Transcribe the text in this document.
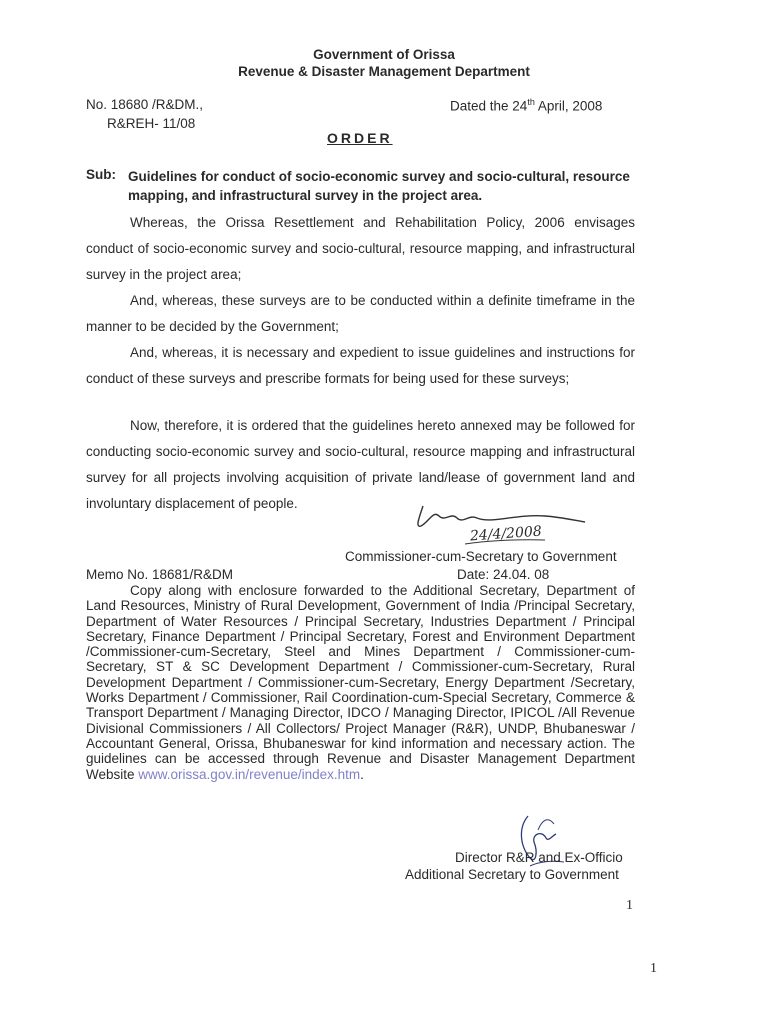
Government of Orissa
Revenue & Disaster Management Department
No. 18680 /R&DM.,
R&REH- 11/08
Dated the 24th April, 2008
ORDER
Sub: Guidelines for conduct of socio-economic survey and socio-cultural, resource mapping, and infrastructural survey in the project area.

Whereas, the Orissa Resettlement and Rehabilitation Policy, 2006 envisages conduct of socio-economic survey and socio-cultural, resource mapping, and infrastructural survey in the project area;

And, whereas, these surveys are to be conducted within a definite timeframe in the manner to be decided by the Government;

And, whereas, it is necessary and expedient to issue guidelines and instructions for conduct of these surveys and prescribe formats for being used for these surveys;

Now, therefore, it is ordered that the guidelines hereto annexed may be followed for conducting socio-economic survey and socio-cultural, resource mapping and infrastructural survey for all projects involving acquisition of private land/lease of government land and involuntary displacement of people.

24/4/2008
Commissioner-cum-Secretary to Government
Memo No. 18681/R&DM	Date: 24.04. 08

Copy along with enclosure forwarded to the Additional Secretary, Department of Land Resources, Ministry of Rural Development, Government of India /Principal Secretary, Department of Water Resources / Principal Secretary, Industries Department / Principal Secretary, Finance Department / Principal Secretary, Forest and Environment Department /Commissioner-cum-Secretary, Steel and Mines Department / Commissioner-cum-Secretary, ST & SC Development Department / Commissioner-cum-Secretary, Rural Development Department / Commissioner-cum-Secretary, Energy Department /Secretary, Works Department / Commissioner, Rail Coordination-cum-Special Secretary, Commerce & Transport Department / Managing Director, IDCO / Managing Director, IPICOL /All Revenue Divisional Commissioners / All Collectors/ Project Manager (R&R), UNDP, Bhubaneswar / Accountant General, Orissa, Bhubaneswar for kind information and necessary action. The guidelines can be accessed through Revenue and Disaster Management Department Website www.orissa.gov.in/revenue/index.htm.

Director R&R and Ex-Officio
Additional Secretary to Government
1
1
